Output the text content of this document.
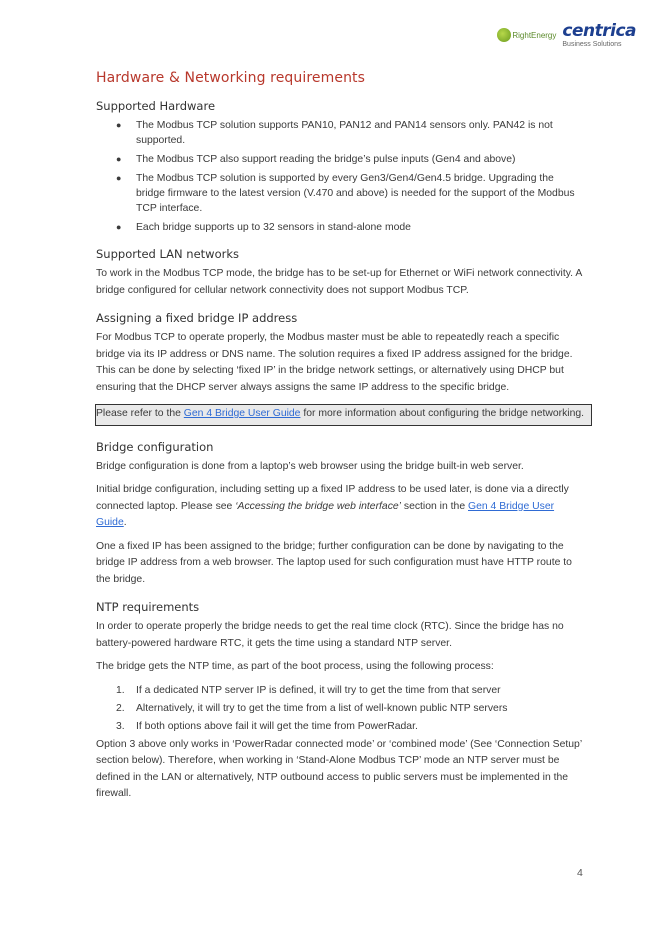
RightEnergy centrica
Business Solutions
Hardware & Networking requirements
Supported Hardware
● The Modbus TCP solution supports PAN10, PAN12 and PAN14 sensors only. PAN42 is not supported.
● The Modbus TCP also support reading the bridge’s pulse inputs (Gen4 and above)
● The Modbus TCP solution is supported by every Gen3/Gen4/Gen4.5 bridge. Upgrading the bridge firmware to the latest version (V.470 and above) is needed for the support of the Modbus TCP interface.
● Each bridge supports up to 32 sensors in stand-alone mode
Supported LAN networks

To work in the Modbus TCP mode, the bridge has to be set-up for Ethernet or WiFi network connectivity. A bridge configured for cellular network connectivity does not support Modbus TCP.

Assigning a fixed bridge IP address

For Modbus TCP to operate properly, the Modbus master must be able to repeatedly reach a specific bridge via its IP address or DNS name. The solution requires a fixed IP address assigned for the bridge. This can be done by selecting ‘fixed IP’ in the bridge network settings, or alternatively using DHCP but ensuring that the DHCP server always assigns the same IP address to the specific bridge.

Please refer to the Gen 4 Bridge User Guide for more information about configuring the bridge networking.

Bridge configuration

Bridge configuration is done from a laptop’s web browser using the bridge built-in web server.

Initial bridge configuration, including setting up a fixed IP address to be used later, is done via a directly connected laptop. Please see ‘Accessing the bridge web interface’ section in the Gen 4 Bridge User Guide.

One a fixed IP has been assigned to the bridge; further configuration can be done by navigating to the bridge IP address from a web browser. The laptop used for such configuration must have HTTP route to the bridge.

NTP requirements

In order to operate properly the bridge needs to get the real time clock (RTC). Since the bridge has no battery-powered hardware RTC, it gets the time using a standard NTP server.

The bridge gets the NTP time, as part of the boot process, using the following process:

1. If a dedicated NTP server IP is defined, it will try to get the time from that server
2. Alternatively, it will try to get the time from a list of well-known public NTP servers
3. If both options above fail it will get the time from PowerRadar.

Option 3 above only works in ‘PowerRadar connected mode’ or ‘combined mode’ (See ‘Connection Setup’ section below). Therefore, when working in ‘Stand-Alone Modbus TCP’ mode an NTP server must be defined in the LAN or alternatively, NTP outbound access to public servers must be implemented in the firewall.

4
